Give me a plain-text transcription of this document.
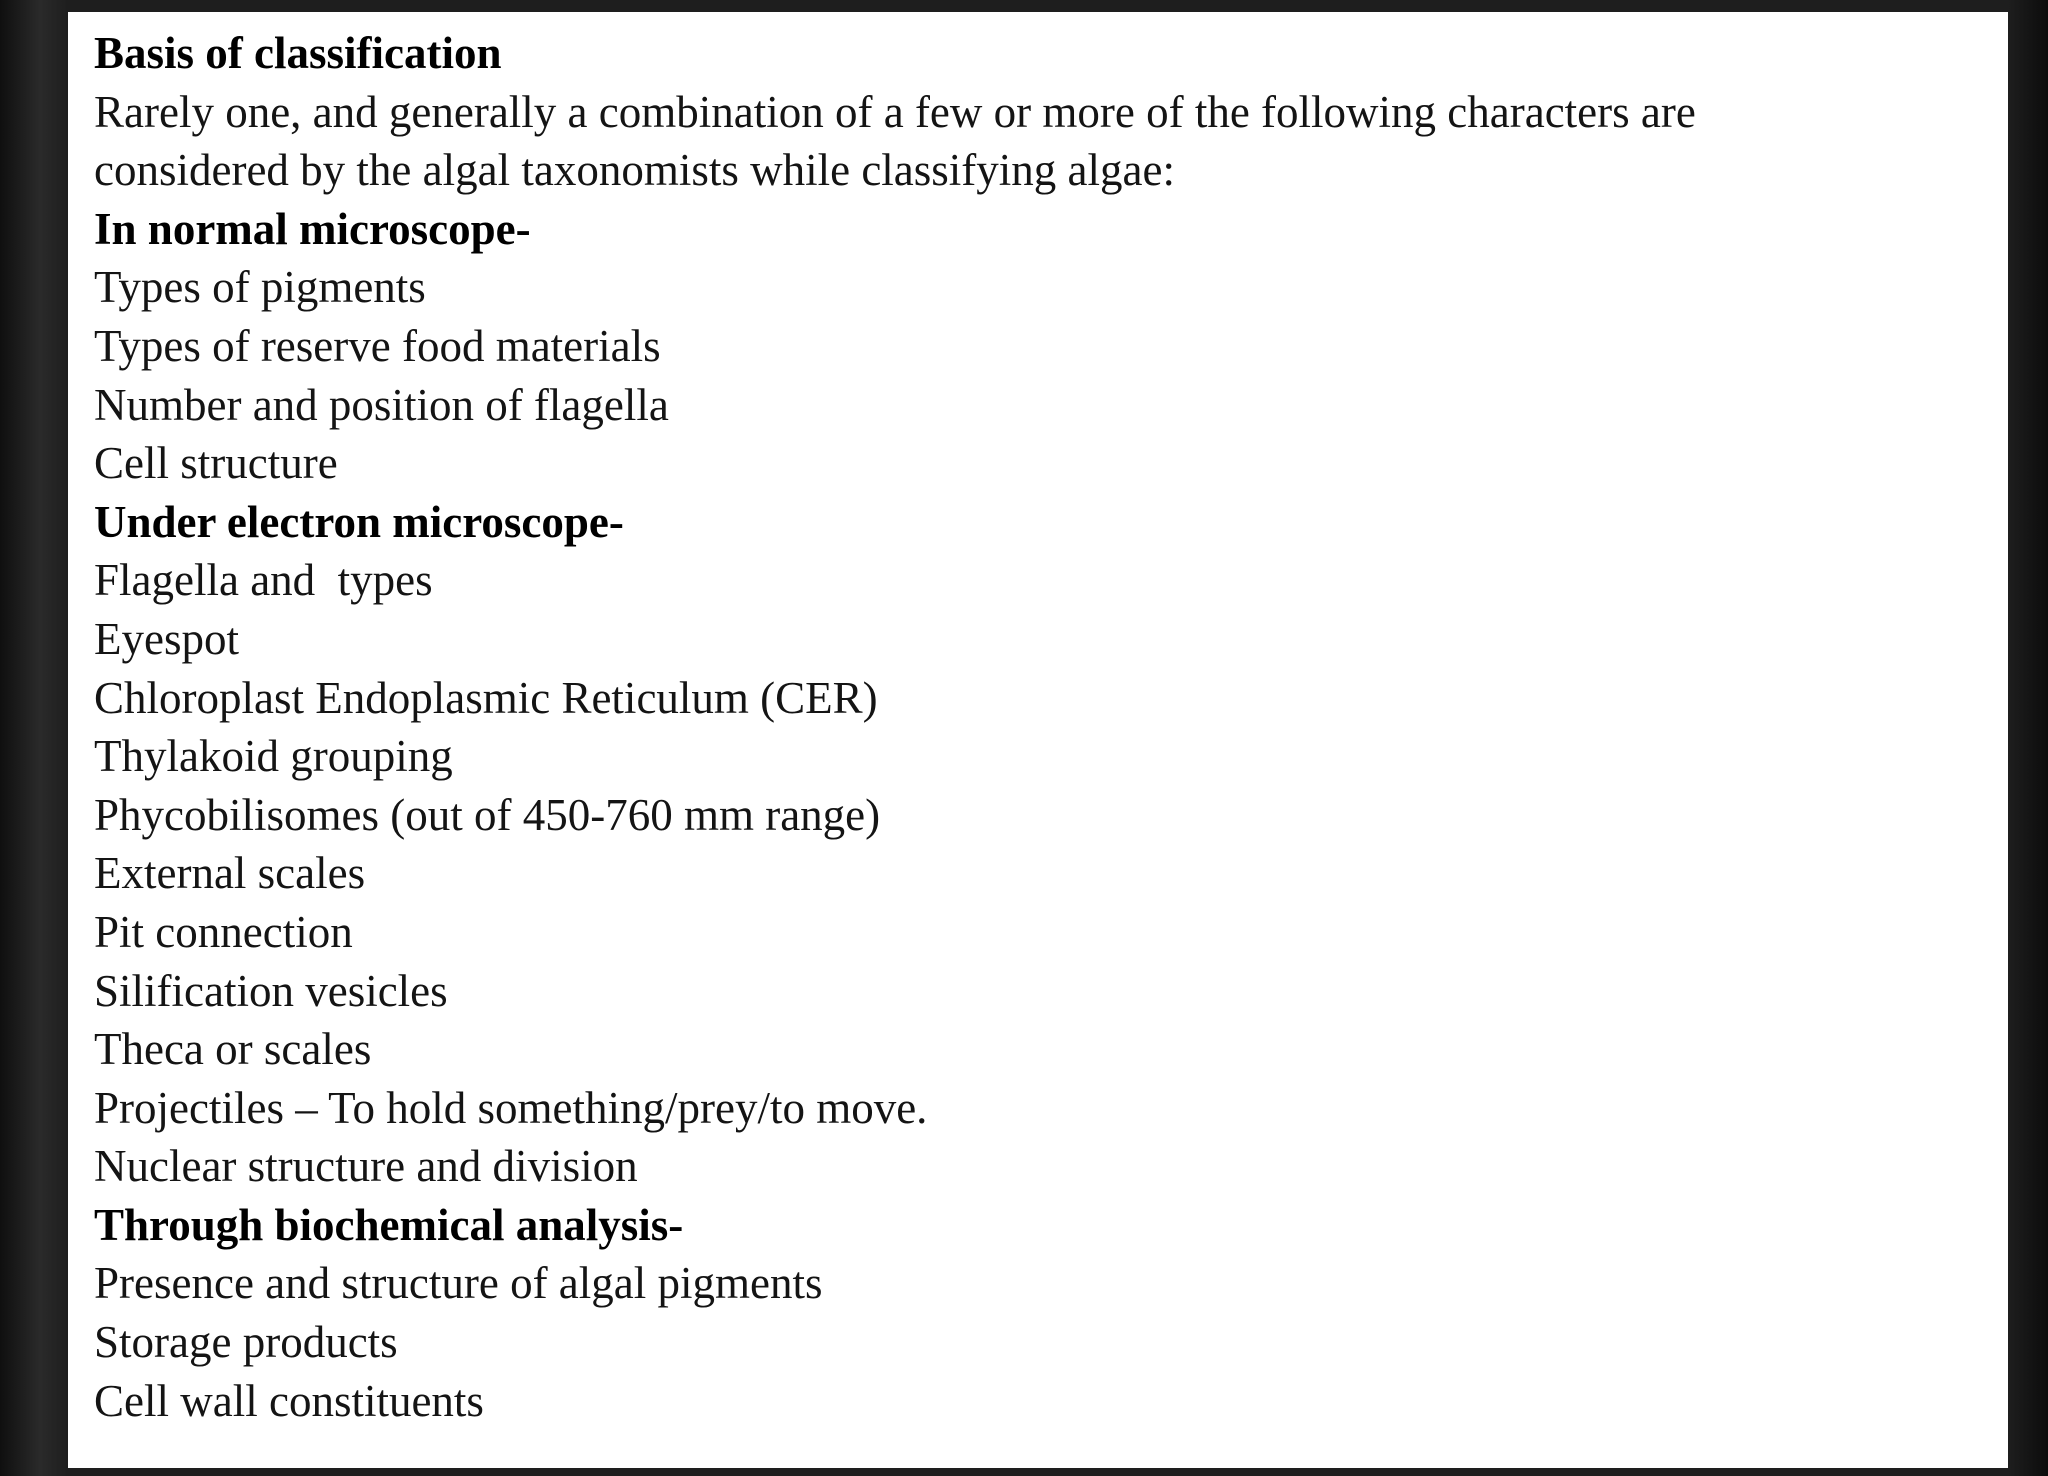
Basis of classification

Rarely one, and generally a combination of a few or more of the following characters are

considered by the algal taxonomists while classifying algae:

In normal microscope-

Types of pigments

Types of reserve food materials

Number and position of flagella

Cell structure

Under electron microscope-

Flagella and  types

Eyespot

Chloroplast Endoplasmic Reticulum (CER)

Thylakoid grouping

Phycobilisomes (out of 450-760 mm range)

External scales

Pit connection

Silification vesicles

Theca or scales

Projectiles – To hold something/prey/to move.

Nuclear structure and division

Through biochemical analysis-

Presence and structure of algal pigments

Storage products

Cell wall constituents
